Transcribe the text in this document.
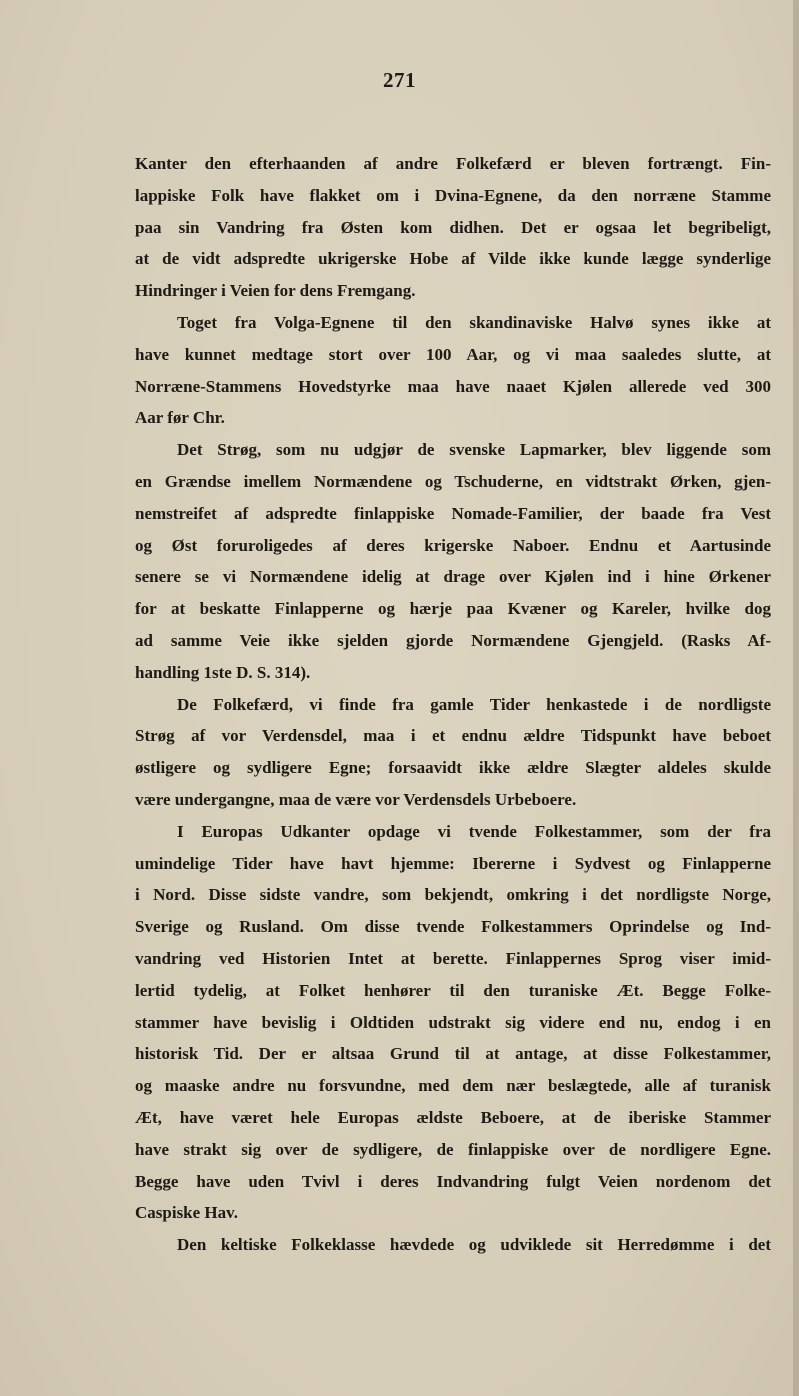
271
Kanter den efterhaanden af andre Folkefærd er bleven fortrængt. Fin-
lappiske Folk have flakket om i Dvina-Egnene, da den norræne Stamme
paa sin Vandring fra Østen kom didhen. Det er ogsaa let begribeligt,
at de vidt adspredte ukrigerske Hobe af Vilde ikke kunde lægge synderlige
Hindringer i Veien for dens Fremgang.
Toget fra Volga-Egnene til den skandinaviske Halvø synes ikke at
have kunnet medtage stort over 100 Aar, og vi maa saaledes slutte, at
Norræne-Stammens Hovedstyrke maa have naaet Kjølen allerede ved 300
Aar før Chr.
Det Strøg, som nu udgjør de svenske Lapmarker, blev liggende som
en Grændse imellem Normændene og Tschuderne, en vidtstrakt Ørken, gjen-
nemstreifet af adspredte finlappiske Nomade-Familier, der baade fra Vest
og Øst foruroligedes af deres krigerske Naboer. Endnu et Aartusinde
senere se vi Normændene idelig at drage over Kjølen ind i hine Ørkener
for at beskatte Finlapperne og hærje paa Kvæner og Kareler, hvilke dog
ad samme Veie ikke sjelden gjorde Normændene Gjengjeld. (Rasks Af-
handling 1ste D. S. 314).
De Folkefærd, vi finde fra gamle Tider henkastede i de nordligste
Strøg af vor Verdensdel, maa i et endnu ældre Tidspunkt have beboet
østligere og sydligere Egne; forsaavidt ikke ældre Slægter aldeles skulde
være undergangne, maa de være vor Verdensdels Urbeboere.
I Europas Udkanter opdage vi tvende Folkestammer, som der fra
umindelige Tider have havt hjemme: Ibererne i Sydvest og Finlapperne
i Nord. Disse sidste vandre, som bekjendt, omkring i det nordligste Norge,
Sverige og Rusland. Om disse tvende Folkestammers Oprindelse og Ind-
vandring ved Historien Intet at berette. Finlappernes Sprog viser imid-
lertid tydelig, at Folket henhører til den turaniske Æt. Begge Folke-
stammer have bevislig i Oldtiden udstrakt sig videre end nu, endog i en
historisk Tid. Der er altsaa Grund til at antage, at disse Folkestammer,
og maaske andre nu forsvundne, med dem nær beslægtede, alle af turanisk
Æt, have været hele Europas ældste Beboere, at de iberiske Stammer
have strakt sig over de sydligere, de finlappiske over de nordligere Egne.
Begge have uden Tvivl i deres Indvandring fulgt Veien nordenom det
Caspiske Hav.
Den keltiske Folkeklasse hævdede og udviklede sit Herredømme i det
